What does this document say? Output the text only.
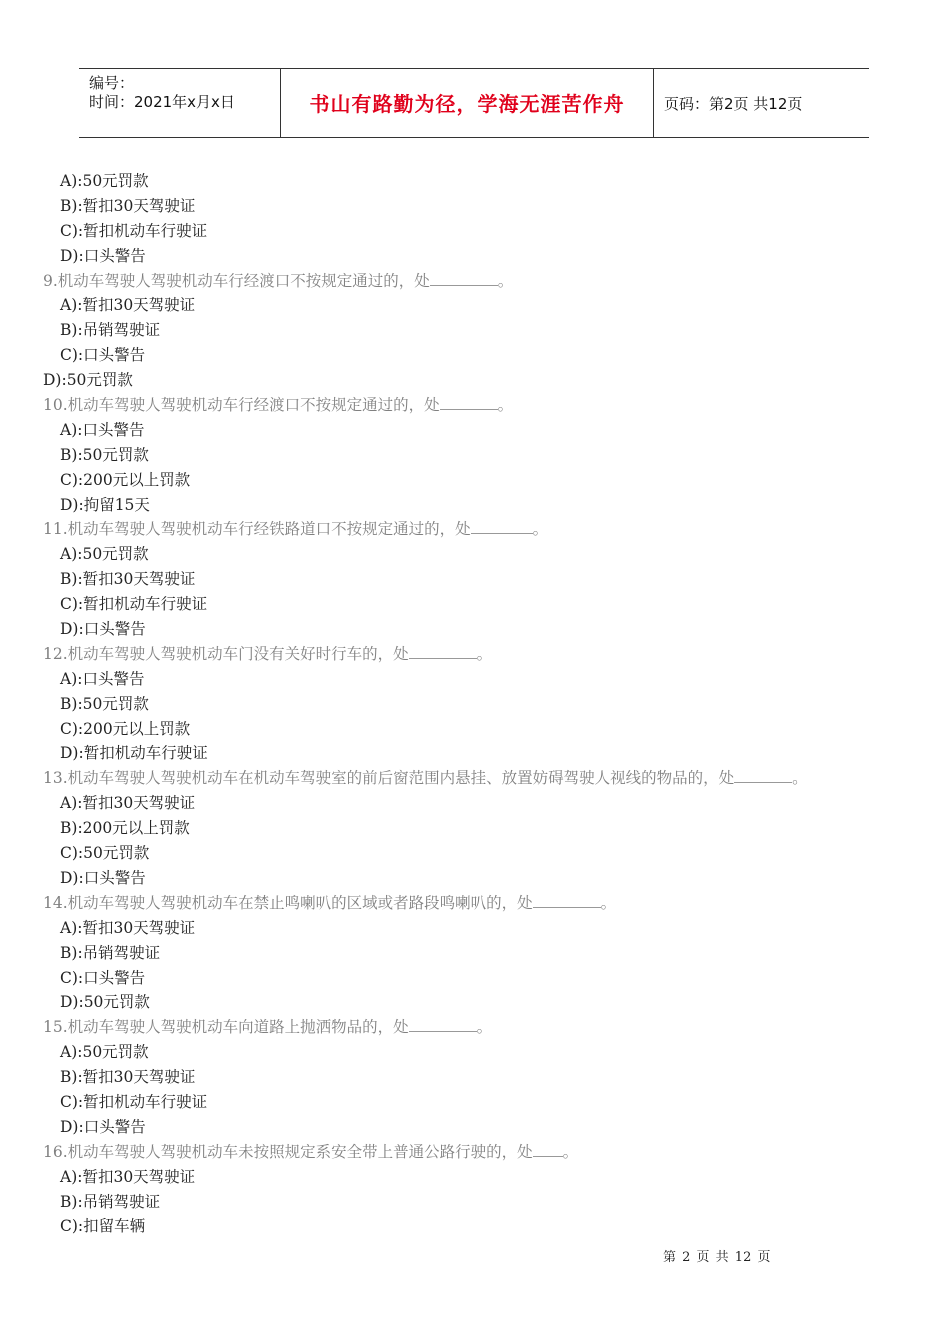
编号：
时间：2021年x月x日	书山有路勤为径，学海无涯苦作舟	页码：第2页 共12页
A):50元罚款
B):暂扣30天驾驶证
C):暂扣机动车行驶证
D):口头警告
9.机动车驾驶人驾驶机动车行经渡口不按规定通过的，处	。
A):暂扣30天驾驶证
B):吊销驾驶证
C):口头警告
D):50元罚款
10.机动车驾驶人驾驶机动车行经渡口不按规定通过的，处	。
A):口头警告
B):50元罚款
C):200元以上罚款
D):拘留15天
11.机动车驾驶人驾驶机动车行经铁路道口不按规定通过的，处	。
A):50元罚款
B):暂扣30天驾驶证
C):暂扣机动车行驶证
D):口头警告
12.机动车驾驶人驾驶机动车门没有关好时行车的，处	。
A):口头警告
B):50元罚款
C):200元以上罚款
D):暂扣机动车行驶证
13.机动车驾驶人驾驶机动车在机动车驾驶室的前后窗范围内悬挂、放置妨碍驾驶人视线的物品的，处	。
A):暂扣30天驾驶证
B):200元以上罚款
C):50元罚款
D):口头警告
14.机动车驾驶人驾驶机动车在禁止鸣喇叭的区域或者路段鸣喇叭的，处	。
A):暂扣30天驾驶证
B):吊销驾驶证
C):口头警告
D):50元罚款
15.机动车驾驶人驾驶机动车向道路上抛洒物品的，处	。
A):50元罚款
B):暂扣30天驾驶证
C):暂扣机动车行驶证
D):口头警告
16.机动车驾驶人驾驶机动车未按照规定系安全带上普通公路行驶的，处 。
A):暂扣30天驾驶证
B):吊销驾驶证
C):扣留车辆
第 2 页 共 12 页
